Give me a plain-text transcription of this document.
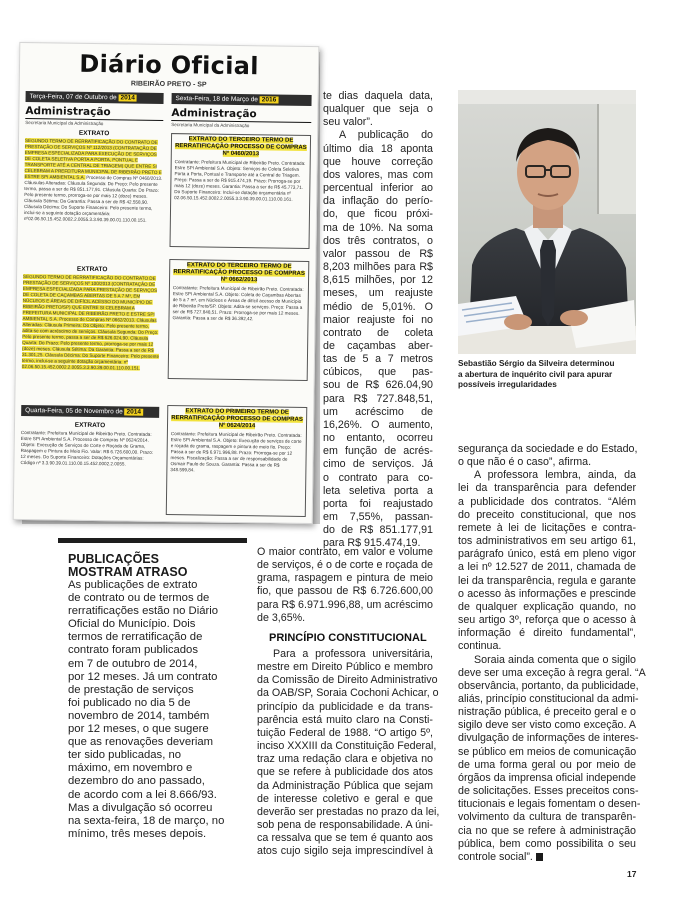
Diário Oficial
RIBEIRÃO PRETO - SP
Terça-Feira, 07 de Outubro de 2014	Sexta-Feira, 18 de Março de 2016
Administração
Secretaria Municipal da Administração
Administração
Secretaria Municipal da Administração
EXTRATO
SEGUNDO TERMO DE RERRATIFICAÇÃO DO CONTRATO DE PRESTAÇÃO DE SERVIÇOS Nº 112/2013 (CONTRATAÇÃO DE EMPRESA ESPECIALIZADA PARA EXECUÇÃO DE SERVIÇOS DE COLETA SELETIVA PORTA A PORTA, PONTUAL E TRANSPORTE ATÉ A CENTRAL DE TRIAGEM) QUE ENTRE SI CELEBRAM A PREFEITURA MUNICIPAL DE RIBEIRÃO PRETO E ESTRE SPI AMBIENTAL S.A. Processo de Compras Nº 0460/2013. Cláusulas Alteradas: Cláusula Segunda: Do Preço: Pelo presente termo, passa a ser de R$ 851.177,91. Cláusula Quarta: Do Prazo: Pelo presente termo, prorroga-se por mais 12 (doze) meses. Cláusula Sétima: Da Garantia: Passa a ser de R$ 42.558,90. Cláusula Décima: Do Suporte Financeiro: Pelo presente termo, inclui-se a seguinte dotação orçamentária: nº02.06.50.15.452.0002.2.0055.3.3.90.39.00.01.110.00.151.
EXTRATO
SEGUNDO TERMO DE RERRATIFICAÇÃO DO CONTRATO DE PRESTAÇÃO DE SERVIÇOS Nº 100/2013 (CONTRATAÇÃO DE EMPRESA ESPECIALIZADA PARA PRESTAÇÃO DE SERVIÇOS DE COLETA DE CAÇAMBAS ABERTAS DE 5 A 7 M³, EM NÚCLEOS E ÁREAS DE DIFÍCIL ACESSO DO MUNICÍPIO DE RIBEIRÃO PRETO/SP) QUE ENTRE SI CELEBRAM A PREFEITURA MUNICIPAL DE RIBEIRÃO PRETO E ESTRE SPI AMBIENTAL S.A. Processo de Compras Nº 0662/2013. Cláusulas Alteradas: Cláusula Primeira: Do Objeto: Pelo presente termo, adita-se com acréscimo de serviços. Cláusula Segunda: Do Preço: Pelo presente termo, passa a ser de R$ 626.024,90. Cláusula Quarta: Do Prazo: Pelo presente termo, prorroga-se por mais 12 (doze) meses. Cláusula Sétima: Da Garantia: Passa a ser de R$ 31.301,25. Cláusula Décima: Do Suporte Financeiro: Pelo presente termo, inclui-se a seguinte dotação orçamentária: nº 02.06.50.15.452.0002.2.0055.3.3.90.39.00.01.110.00.151.
Quarta-Feira, 05 de Novembro de 2014
EXTRATO
Contratante: Prefeitura Municipal de Ribeirão Preto. Contratada: Estre SPI Ambiental S.A. Processo de Compras Nº 0624/2014. Objeto: Execução de Serviços de Corte e Roçada de Grama, Raspagem e Pintura de Meio Fio. Valor: R$ 6.726.600,00. Prazo: 12 meses. Do Suporte Financeiro: Dotações Orçamentárias: Código nº 3.3.90.39.01.110.00.15.452.0002.2.0055.
EXTRATO DO TERCEIRO TERMO DE RERRATIFICAÇÃO PROCESSO DE COMPRAS Nº 0460/2013
Contratante: Prefeitura Municipal de Ribeirão Preto. Contratada: Estre SPI Ambiental S.A. Objeto: Serviços de Coleta Seletiva Porta a Porta, Pontual e Transporte até a Central de Triagem. Preço: Passa a ser de R$ 915.474,19. Prazo: Prorroga-se por mais 12 (doze) meses. Garantia: Passa a ser de R$ 45.773,71. Do Suporte Financeiro: Inclui-se dotação orçamentária nº 02.06.50.15.452.0002.2.0055.3.3.90.39.00.01.110.00.161.
EXTRATO DO TERCEIRO TERMO DE RERRATIFICAÇÃO PROCESSO DE COMPRAS Nº 0662/2013
Contratante: Prefeitura Municipal de Ribeirão Preto. Contratada: Estre SPI Ambiental S.A. Objeto: Coleta de Caçambas Abertas de 5 a 7 m³, em Núcleos e Áreas de difícil acesso do Município de Ribeirão Preto/SP. Objeto: Adita-se serviços. Preço: Passa a ser de R$ 727.848,51. Prazo: Prorroga-se por mais 12 meses. Garantia: Passa a ser de R$ 36.392,42.
EXTRATO DO PRIMEIRO TERMO DE RERRATIFICAÇÃO PROCESSO DE COMPRAS Nº 0624/2014
Contratante: Prefeitura Municipal de Ribeirão Preto. Contratada: Estre SPI Ambiental S.A. Objeto: Execução de serviços de corte e roçada de grama, raspagem e pintura de meio fio. Preço: Passa a ser de R$ 6.971.996,88. Prazo: Prorroga-se por 12 meses. Fiscalização: Passa a ser de responsabilidade de Osmair Paulo de Souza. Garantia: Passa a ser de R$ 348.599,84.
PUBLICAÇÕES
MOSTRAM ATRASO
As publicações de extrato
de contrato ou de termos de
rerratificações estão no Diário
Oficial do Município. Dois
termos de rerratificação de
contrato foram publicados
em 7 de outubro de 2014,
por 12 meses. Já um contrato
de prestação de serviços
foi publicado no dia 5 de
novembro de 2014, também
por 12 meses, o que sugere
que as renovações deveriam
ter sido publicadas, no
máximo, em novembro e
dezembro do ano passado,
de acordo com a lei 8.666/93.
Mas a divulgação só ocorreu
na sexta-feira, 18 de março, no
mínimo, três meses depois.
te dias daquela data,
qualquer que seja o
seu valor”.
A publicação do
último dia 18 aponta
que houve correção
dos valores, mas com
percentual inferior ao
da inflação do perío-
do, que ficou próxi-
ma de 10%. Na soma
dos três contratos, o
valor passou de R$
8,203 milhões para R$
8,615 milhões, por 12
meses, um reajuste
médio de 5,01%. O
maior reajuste foi no
contrato de coleta
de caçambas aber-
tas de 5 a 7 metros
cúbicos, que pas-
sou de R$ 626.04,90
para R$ 727.848,51,
um acréscimo de
16,26%. O aumento,
no entanto, ocorreu
em função de acrés-
cimo de serviços. Já
o contrato para co-
leta seletiva porta a
porta foi reajustado
em 7,55%, passan-
do de R$ 851.177,91
para R$ 915.474,19.
O maior contrato, em valor e volume
de serviços, é o de corte e roçada de
grama, raspagem e pintura de meio
fio, que passou de R$ 6.726.600,00
para R$ 6.971.996,88, um acréscimo
de 3,65%.
PRINCÍPIO CONSTITUCIONAL
Para a professora universitária,
mestre em Direito Público e membro
da Comissão de Direito Administrativo
da OAB/SP, Soraia Cochoni Achicar, o
princípio da publicidade e da trans-
parência está muito claro na Consti-
tuição Federal de 1988. “O artigo 5º,
inciso XXXIII da Constituição Federal,
traz uma redação clara e objetiva no
que se refere à publicidade dos atos
da Administração Pública que sejam
de interesse coletivo e geral e que
deverão ser prestadas no prazo da lei,
sob pena de responsabilidade. A úni-
ca ressalva que se tem é quanto aos
atos cujo sigilo seja imprescindível à
Sebastião Sérgio da Silveira determinou
a abertura de inquérito civil para apurar
possíveis irregularidades
segurança da sociedade e do Estado,
o que não é o caso”, afirma.
A professora lembra, ainda, da
lei da transparência para defender
a publicidade dos contratos. “Além
do preceito constitucional, que nos
remete à lei de licitações e contra-
tos administrativos em seu artigo 61,
parágrafo único, está em pleno vigor
a lei nº 12.527 de 2011, chamada de
lei da transparência, regula e garante
o acesso às informações e prescinde
de qualquer explicação quando, no
seu artigo 3º, reforça que o acesso à
informação é direito fundamental”,
continua.
Soraia ainda comenta que o sigilo
deve ser uma exceção à regra geral. “A
observância, portanto, da publicidade,
aliás, princípio constitucional da admi-
nistração pública, é preceito geral e o
sigilo deve ser visto como exceção. A
divulgação de informações de interes-
se público em meios de comunicação
de uma forma geral ou por meio de
órgãos da imprensa oficial independe
de solicitações. Esses preceitos cons-
titucionais e legais fomentam o desen-
volvimento da cultura de transparên-
cia no que se refere à administração
pública, bem como possibilita o seu
controle social”.
17
